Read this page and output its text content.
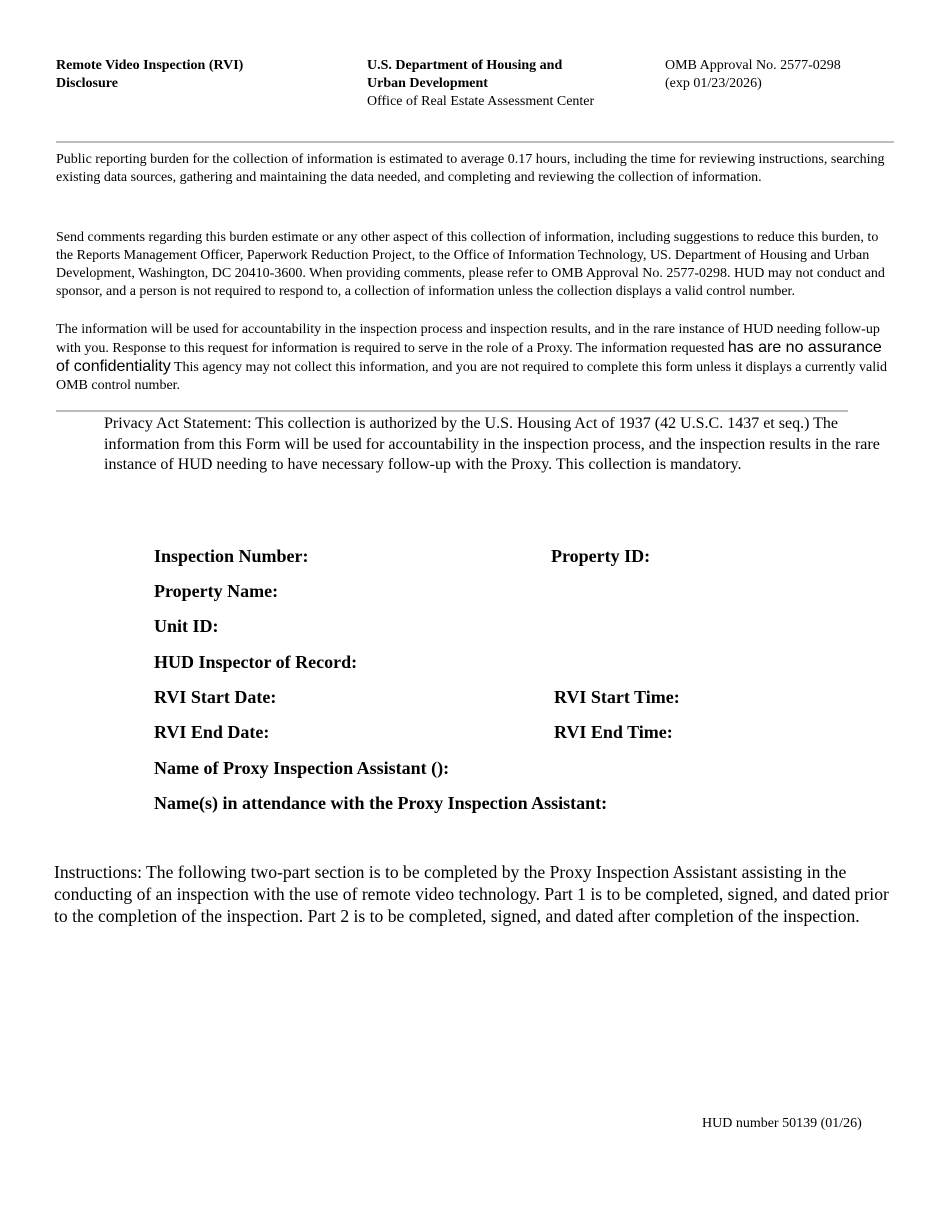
Remote Video Inspection (RVI)
Disclosure
U.S. Department of Housing and
Urban Development
Office of Real Estate Assessment Center
OMB Approval No. 2577-0298
(exp 01/23/2026)
Public reporting burden for the collection of information is estimated to average 0.17 hours, including the time for reviewing instructions, searching existing data sources, gathering and maintaining the data needed, and completing and reviewing the collection of information.
Send comments regarding this burden estimate or any other aspect of this collection of information, including suggestions to reduce this burden, to the Reports Management Officer, Paperwork Reduction Project, to the Office of Information Technology, US. Department of Housing and Urban Development, Washington, DC 20410-3600. When providing comments, please refer to OMB Approval No. 2577-0298. HUD may not conduct and sponsor, and a person is not required to respond to, a collection of information unless the collection displays a valid control number.
The information will be used for accountability in the inspection process and inspection results, and in the rare instance of HUD needing follow-up with you. Response to this request for information is required to serve in the role of a Proxy. The information requested has are no assurance of confidentiality This agency may not collect this information, and you are not required to complete this form unless it displays a currently valid OMB control number.
Privacy Act Statement: This collection is authorized by the U.S. Housing Act of 1937 (42 U.S.C. 1437 et seq.) The information from this Form will be used for accountability in the inspection process, and the inspection results in the rare instance of HUD needing to have necessary follow-up with the Proxy. This collection is mandatory.
Inspection Number:	Property ID:
Property Name:
Unit ID:
HUD Inspector of Record:
RVI Start Date:	RVI Start Time:
RVI End Date:	RVI End Time:
Name of Proxy Inspection Assistant ():
Name(s) in attendance with the Proxy Inspection Assistant:
Instructions: The following two-part section is to be completed by the Proxy Inspection Assistant assisting in the conducting of an inspection with the use of remote video technology. Part 1 is to be completed, signed, and dated prior to the completion of the inspection. Part 2 is to be completed, signed, and dated after completion of the inspection.
HUD number 50139 (01/26)
